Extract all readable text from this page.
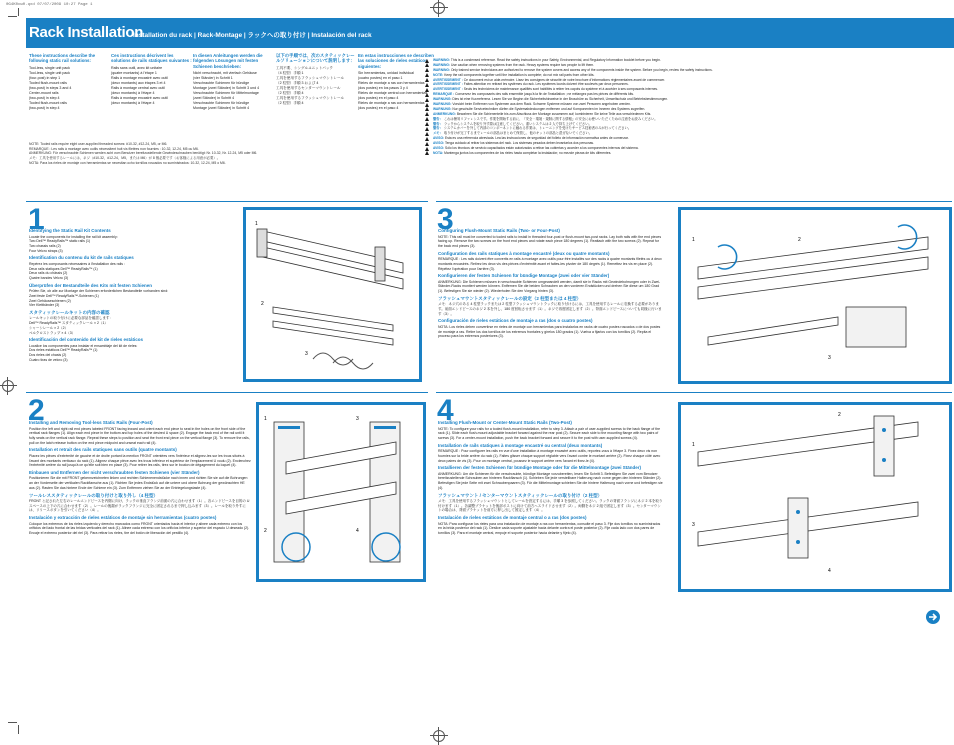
0G4K0cw0.qxd 07/07/2009 10:27 Page 1
Rack Installation
Installation du rack | Rack-Montage | ラックへの取り付け | Instalación del rack
These instructions describe the following static rail solutions:
Tool-less, single unit pack
Tool-less, single unit pack
(four-post) in step 1
Tooled flush-mount rails
(two-post) in steps 3 and 4
Center-mount rails
(two-post) in step 4
Tooled flush-mount rails
(two-post) in step 4
Ces instructions décrivent les solutions de rails statiques suivantes :
Rails sans outil, avec kit unitaire
(quatre montants) à l'étape 1
Rails à montage encastré avec outil
(deux montants) aux étapes 3 et 4
Rails à montage central avec outil
(deux montants) à l'étape 4
Rails à montage encastré avec outil
(deux montants) à l'étape 4
In diesen Anleitungen werden die folgenden Lösungen mit festen Schienen beschrieben:
Nicht verschraubt, mit vierfach Gehäuse
(vier Ständer) in Schritt 1
Verschraubte Schienen für bündige
Montage (zwei Ständer) in Schritt 3 und 4
Verschraubte Schienen für Mittelmontage
(zwei Ständer) in Schritt 4
Verschraubte Schienen für bündige
Montage (zwei Ständer) in Schritt 4
以下の手順では、次のスタティックレールソリューションについて説明します：
工具不要、シングルユニットパック
（4 柱型）手順 1
工具を使用するフラッシュマウントレール
（2 柱型）手順 3 および 4
工具を使用するセンターマウントレール
（2 柱型）手順 4
工具を使用するフラッシュマウントレール
（2 柱型）手順 4
En estas instrucciones se describen las soluciones de rieles estáticos siguientes:
Sin herramientas, unidad individual
(cuatro postes) en el paso 1
Rieles de montaje a ras con herramientas
(dos postes) en los pasos 3 y 4
Rieles de montaje central con herramientas
(dos postes) en el paso 4
Rieles de montaje a ras con herramientas
(dos postes) en el paso 4
NOTE: Tooled rails require eight user-supplied threaded screws: #10-32, #12-24, M5, or M6.
REMARQUE : Les rails à montage avec outils nécessitent huit vis filetées non fournies : 10-32, 12-24, M5 ou M6.
ANMERKUNG: Für verschraubte Schienen werden acht vom Benutzer bereitzustellende Gewindeschrauben benötigt: Nr. 10-32, Nr. 12-24, M5 oder M6.
メモ：工具を使用するレールには、ネジ（#10-32、#12-24、M5、または M6）が 8 個必要です（お客様による用意が必要）。
NOTA: Para los rieles de montaje con herramientas se necesitan ocho tornillos roscados no suministrados: 10-32, 12-24, M5 o M6.
WARNING: This is a condensed reference. Read the safety instructions in your Safety, Environmental, and Regulatory Information booklet before you begin.
WARNING: Use caution when removing systems from the rack. Heavy systems require two people to lift them.
WARNING: Only trained service technicians are authorized to remove the system covers and access any of the components inside the system. Before you begin, review the safety instructions.
NOTE: Keep the rail components together until the installation is complete; do not mix rail parts from other kits.
AVERTISSEMENT : Ce document est un aide-mémoire. Lisez les consignes de sécurité de votre brochure d'informations réglementaires avant de commencer.
AVERTISSEMENT : Faites attention en retirant les systèmes du rack. Les systèmes lourds doivent être soulevés par deux personnes.
AVERTISSEMENT : Seuls les techniciens de maintenance qualifiés sont habilités à retirer les capots du système et à accéder à ses composants internes.
REMARQUE : Conservez les composants des rails ensemble jusqu'à la fin de l'installation ; ne mélangez pas les pièces de différents kits.
WARNUNG: Dies ist eine Kurzreferenz. Lesen Sie vor Beginn die Sicherheitshinweise in der Broschüre zu Sicherheit, Umweltschutz und Betriebsbestimmungen.
WARNUNG: Vorsicht beim Entfernen von Systemen aus dem Rack. Schwere Systeme müssen von zwei Personen angehoben werden.
WARNUNG: Nur geschulte Servicetechniker dürfen die Systemabdeckungen entfernen und auf Komponenten im Inneren des Systems zugreifen.
ANMERKUNG: Bewahren Sie die Schienenteile bis zum Abschluss der Montage zusammen auf; kombinieren Sie keine Teile aus verschiedenen Kits.
警告： これは簡易リファレンスです。作業を開始する前に、『安全・環境・規制に関する情報』の安全にお使いいただくための注意をお読みください。
警告： ラックからシステムを取り外す際は注意してください。重いシステムは 2 人で持ち上げてください。
警告： システムカバーを外して内部のコンポーネントに触れる作業は、トレーニングを受けたサービス技術者のみが行ってください。
メモ： 取り付けが完了するまでレールの部品はまとめて保管し、他のキットの部品と混ぜないでください。
AVISO: Esta es una referencia abreviada. Lea las instrucciones de seguridad del folleto de información normativa antes de comenzar.
AVISO: Tenga cuidado al retirar los sistemas del rack. Los sistemas pesados deben levantarlos dos personas.
AVISO: Sólo los técnicos de servicio capacitados están autorizados a retirar las cubiertas y acceder a los componentes internos del sistema.
NOTA: Mantenga juntos los componentes de los rieles hasta completar la instalación; no mezcle piezas de kits diferentes.
1
2
3
4
Identifying the Static Rail Kit Contents
Locate the components for installing the rail kit assembly:
Two Dell™ ReadyRails™ static rails (1)
Two chassis rails (2)
Four Velcro straps (3)
Identification du contenu du kit de rails statiques
Repérez les composants nécessaires à l'installation des rails :
Deux rails statiques Dell™ ReadyRails™ (1)
Deux rails du châssis (2)
Quatre bandes Velcro (3)
Überprüfen der Bestandteile des Kits mit festen Schienen
Prüfen Sie, ob alle zur Montage der Schienen erforderlichen Bestandteile vorhanden sind:
Zwei feste Dell™ ReadyRails™-Schienen (1)
Zwei Gehäuseschienen (2)
Vier Klettbänder (3)
スタティックレールキットの内容の確認
レールキットの取り付けに必要な部品を確認します：
Dell™ ReadyRails™ スタティックレール × 2（1）
シャーシレール × 2（2）
ベルクロストラップ × 4（3）
Identificación del contenido del kit de rieles estáticos
Localice los componentes para instalar el ensamblaje del kit de rieles:
Dos rieles estáticos Dell™ ReadyRails™ (1)
Dos rieles del chasis (2)
Cuatro tiras de velcro (3)
Installing and Removing Tool-less Static Rails (Four-Post)
Position the left and right rail end pieces labeled FRONT facing inward and orient each end piece to seat in the holes on the front side of the vertical rack flanges (1). Align each end piece in the bottom and top holes of the desired U space (2). Engage the back end of the rail until it fully seats on the vertical rack flange. Repeat these steps to position and seat the front end piece on the vertical flange (3). To remove the rails, pull on the latch release button on the end piece midpoint and unseat each rail (4).
Installation et retrait des rails statiques sans outils (quatre montants)
Placez les pièces d'extrémité de gauche et de droite portant la mention FRONT orientées vers l'intérieur et alignez-les sur les trous situés à l'avant des montants verticaux du rack (1). Alignez chaque pièce avec les trous inférieur et supérieur de l'emplacement U voulu (2). Enclenchez l'extrémité arrière du rail jusqu'à ce qu'elle soit bien en place (3). Pour retirer les rails, tirez sur le bouton de dégagement du loquet (4).
Einbauen und Entfernen der nicht verschraubten festen Schienen (vier Ständer)
Positionieren Sie die mit FRONT gekennzeichneten linken und rechten Schienenendstücke nach innen und richten Sie sie auf die Bohrungen an der Vorderseite der vertikalen Rackflansche aus (1). Richten Sie jedes Endstück auf die untere und obere Bohrung der gewünschten HE aus (2). Rasten Sie das hintere Ende der Schiene ein (3). Zum Entfernen ziehen Sie an der Entriegelungstaste (4).
ツールレススタティックレールの取り付けと取り外し（4 柱型）
FRONT と記された左右のレールエンドピースを内側に向け、ラックの垂直フランジ前面の穴に合わせます（1）。各エンドピースを目的の U スペースの上下の穴に合わせます（2）。レールの後端がラックフランジに完全に固定されるまで押し込みます（3）。レールを取り外すには、リリースボタンを引いてください（4）。
Instalación y extracción de rieles estáticos de montaje sin herramientas (cuatro postes)
Coloque los extremos de los rieles izquierdo y derecho marcados como FRONT orientados hacia el interior y alinee cada extremo con los orificios del lado frontal de las bridas verticales del rack (1). Alinee cada extremo con los orificios inferior y superior del espacio U deseado (2). Encaje el extremo posterior del riel (3). Para retirar los rieles, tire del botón de liberación del pestillo (4).
Configuring Flush-Mount Static Rails (Two- or Four-Post)
NOTE: This rail must be converted to tooled rails to install in threaded four-post or flush-mount two-post racks. Lay both rails with the end pieces facing up. Remove the two screws on the front end pieces and rotate each piece 180 degrees (1). Reattach with the two screws (2). Repeat for the back end pieces (3).
Configuration des rails statiques à montage encastré (deux ou quatre montants)
REMARQUE : Les rails doivent être convertis en rails à montage avec outils pour être installés sur des racks à quatre montants filetés ou à deux montants encastrés. Retirez les deux vis des pièces d'extrémité avant et faites-les pivoter de 180 degrés (1). Remettez les vis en place (2). Répétez l'opération pour l'arrière (3).
Konfigurieren der festen Schienen für bündige Montage (zwei oder vier Ständer)
ANMERKUNG: Die Schienen müssen in verschraubte Schienen umgewandelt werden, damit sie in Racks mit Gewindebohrungen oder in Zwei-Ständer-Racks montiert werden können. Entfernen Sie die beiden Schrauben an den vorderen Endstücken und drehen Sie diese um 180 Grad (1). Befestigen Sie sie wieder (2). Wiederholen Sie den Vorgang hinten (3).
フラッシュマウントスタティックレールの設定（2 柱型または 4 柱型）
メモ：ネジ穴のある 4 柱型ラックまたは 2 柱型フラッシュマウントラックに取り付けるには、工具を使用するレールに変換する必要があります。前面エンドピースのネジ 2 本を外し、180 度回転させます（1）。ネジで再度固定します（2）。背面エンドピースについても同様に行います（3）。
Configuración de rieles estáticos de montaje a ras (dos o cuatro postes)
NOTA: Los rieles deben convertirse en rieles de montaje con herramientas para instalarlos en racks de cuatro postes roscados o de dos postes de montaje a ras. Retire los dos tornillos de los extremos frontales y gírelos 180 grados (1). Vuelva a fijarlos con los tornillos (2). Repita el proceso para los extremos posteriores (3).
Installing Flush-Mount or Center-Mount Static Rails (Two-Post)
NOTE: To configure your rails for a tooled flush-mount installation, refer to step 3. Attach a pair of user-supplied screws to the back flange of the rack (1). Slide each flush-mount adjustable bracket forward against the rear post (2). Secure each side to the mounting flange with two pairs of screws (3). For a center-mount installation, push the back bracket forward and secure it to the post with user-supplied screws (4).
Installation de rails statiques à montage encastré ou central (deux montants)
REMARQUE : Pour configurer les rails en vue d'une installation à montage encastré avec outils, reportez-vous à l'étape 3. Fixez deux vis non fournies sur la bride arrière du rack (1). Faites glisser chaque support réglable vers l'avant contre le montant arrière (2). Fixez chaque côté avec deux paires de vis (3). Pour un montage central, poussez le support arrière vers l'avant et fixez-le (4).
Installieren der festen Schienen für bündige Montage oder für die Mittelmontage (zwei Ständer)
ANMERKUNG: Um die Schienen für die verschraubte, bündige Montage vorzubereiten, lesen Sie Schritt 3. Befestigen Sie zwei vom Benutzer bereitzustellende Schrauben am hinteren Rackflansch (1). Schieben Sie jede verstellbare Halterung nach vorne gegen den hinteren Ständer (2). Befestigen Sie jede Seite mit zwei Schraubenpaaren (3). Für die Mittelmontage schieben Sie die hintere Halterung nach vorne und befestigen sie (4).
フラッシュマウント / センターマウントスタティックレールの取り付け（2 柱型）
メモ：工具を使用するフラッシュマウントとしてレールを設定するには、手順 3 を参照してください。ラックの背面フランジにネジ 2 本を取り付けます（1）。各調整ブラケットを後部ポストに向けて前方へスライドさせます（2）。両側をネジ 2 組で固定します（3）。センターマウントの場合は、背面ブラケットを前方に押し出して固定します（4）。
Instalación de rieles estáticos de montaje central o a ras (dos postes)
NOTA: Para configurar los rieles para una instalación de montaje a ras con herramientas, consulte el paso 3. Fije dos tornillos no suministrados en la brida posterior del rack (1). Deslice cada soporte ajustable hacia delante contra el poste posterior (2). Fije cada lado con dos pares de tornillos (3). Para el montaje central, empuje el soporte posterior hacia delante y fíjelo (4).
1
2
3
1
2
3
4
1	2
3
1
2
3
4
